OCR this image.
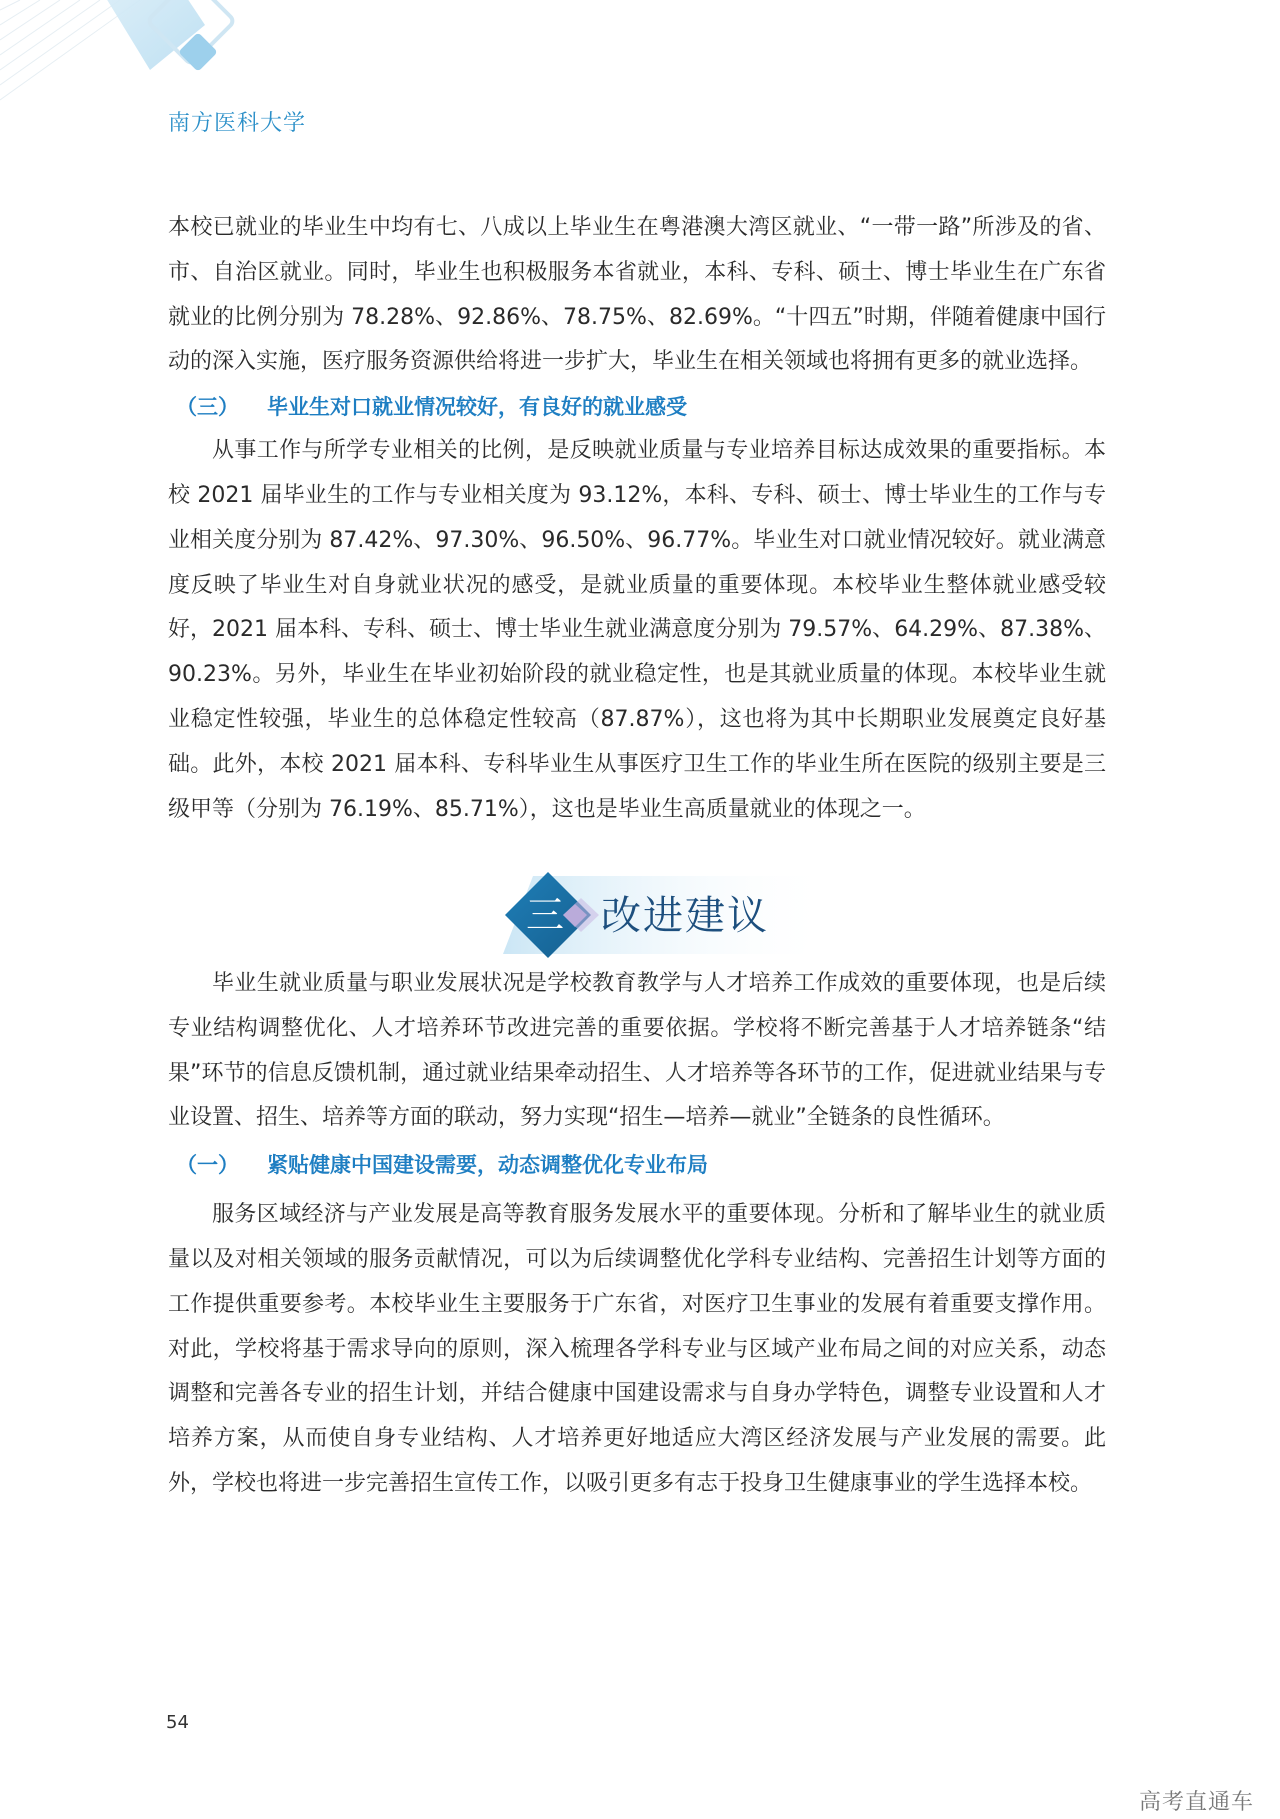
南方医科大学

本校已就业的毕业生中均有七、八成以上毕业生在粤港澳大湾区就业、“一带一路”所涉及的省、市、自治区就业。同时，毕业生也积极服务本省就业，本科、专科、硕士、博士毕业生在广东省就业的比例分别为 78.28%、92.86%、78.75%、82.69%。“十四五”时期，伴随着健康中国行动的深入实施，医疗服务资源供给将进一步扩大，毕业生在相关领域也将拥有更多的就业选择。

（三） 毕业生对口就业情况较好，有良好的就业感受

从事工作与所学专业相关的比例，是反映就业质量与专业培养目标达成效果的重要指标。本校 2021 届毕业生的工作与专业相关度为 93.12%，本科、专科、硕士、博士毕业生的工作与专业相关度分别为 87.42%、97.30%、96.50%、96.77%。毕业生对口就业情况较好。就业满意度反映了毕业生对自身就业状况的感受，是就业质量的重要体现。本校毕业生整体就业感受较好，2021 届本科、专科、硕士、博士毕业生就业满意度分别为 79.57%、64.29%、87.38%、90.23%。另外，毕业生在毕业初始阶段的就业稳定性，也是其就业质量的体现。本校毕业生就业稳定性较强，毕业生的总体稳定性较高（87.87%），这也将为其中长期职业发展奠定良好基础。此外，本校 2021 届本科、专科毕业生从事医疗卫生工作的毕业生所在医院的级别主要是三级甲等（分别为 76.19%、85.71%），这也是毕业生高质量就业的体现之一。

三 改进建议

毕业生就业质量与职业发展状况是学校教育教学与人才培养工作成效的重要体现，也是后续专业结构调整优化、人才培养环节改进完善的重要依据。学校将不断完善基于人才培养链条“结果”环节的信息反馈机制，通过就业结果牵动招生、人才培养等各环节的工作，促进就业结果与专业设置、招生、培养等方面的联动，努力实现“招生—培养—就业”全链条的良性循环。

（一） 紧贴健康中国建设需要，动态调整优化专业布局

服务区域经济与产业发展是高等教育服务发展水平的重要体现。分析和了解毕业生的就业质量以及对相关领域的服务贡献情况，可以为后续调整优化学科专业结构、完善招生计划等方面的工作提供重要参考。本校毕业生主要服务于广东省，对医疗卫生事业的发展有着重要支撑作用。对此，学校将基于需求导向的原则，深入梳理各学科专业与区域产业布局之间的对应关系，动态调整和完善各专业的招生计划，并结合健康中国建设需求与自身办学特色，调整专业设置和人才培养方案，从而使自身专业结构、人才培养更好地适应大湾区经济发展与产业发展的需要。此外，学校也将进一步完善招生宣传工作，以吸引更多有志于投身卫生健康事业的学生选择本校。

54
高考直通车
